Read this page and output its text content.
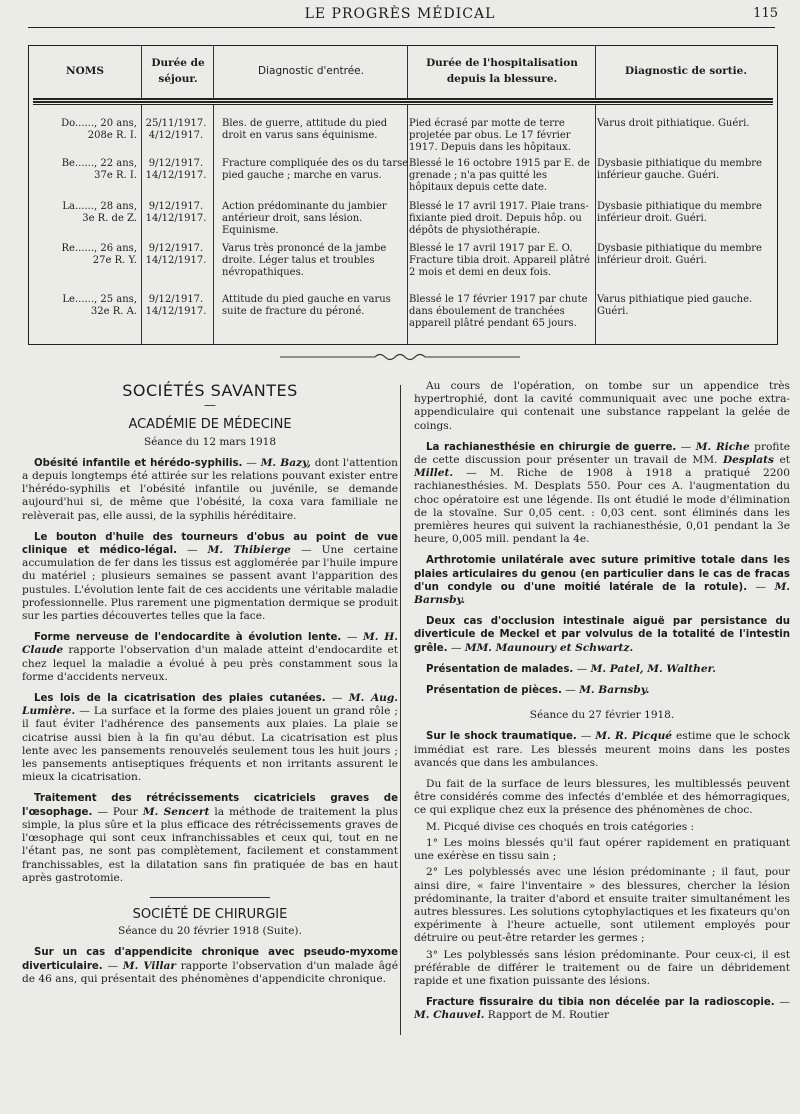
LE PROGRÈS MÉDICAL	115
NOMS
Durée de séjour.
Diagnostic d'entrée.
Durée de l'hospitalisation depuis la blessure.
Diagnostic de sortie.
Do......, 20 ans,
208e R. I.
25/11/1917.
4/12/1917.
Bles. de guerre, attitude du pied droit en varus sans équinisme.
Pied écrasé par motte de terre projetée par obus. Le 17 février 1917. Depuis dans les hôpitaux.
Varus droit pithiatique. Guéri.
Be......, 22 ans,
37e R. I.
9/12/1917.
14/12/1917.
Fracture compliquée des os du tarse pied gauche ; marche en varus.
Blessé le 16 octobre 1915 par E. de grenade ; n'a pas quitté les hôpitaux depuis cette date.
Dysbasie pithiatique du membre inférieur gauche. Guéri.
La......, 28 ans,
3e R. de Z.
9/12/1917.
14/12/1917.
Action prédominante du jambier antérieur droit, sans lésion. Equinisme.
Blessé le 17 avril 1917. Plaie trans-fixiante pied droit. Depuis hôp. ou dépôts de physiothérapie.
Dysbasie pithiatique du membre inférieur droit. Guéri.
Re......, 26 ans,
27e R. Y.
9/12/1917.
14/12/1917.
Varus très prononcé de la jambe droite. Léger talus et troubles névropathiques.
Blessé le 17 avril 1917 par E. O. Fracture tibia droit. Appareil plâtré 2 mois et demi en deux fois.
Dysbasie pithiatique du membre inférieur droit. Guéri.
Le......, 25 ans,
32e R. A.
9/12/1917.
14/12/1917.
Attitude du pied gauche en varus suite de fracture du péroné.
Blessé le 17 février 1917 par chute dans éboulement de tranchées appareil plâtré pendant 65 jours.
Varus pithiatique pied gauche. Guéri.
SOCIÉTÉS SAVANTES
—
ACADÉMIE DE MÉDECINE
Séance du 12 mars 1918

Obésité infantile et hérédo-syphilis. — M. Bazy, dont l'attention a depuis longtemps été attirée sur les relations pouvant exister entre l'hérédo-syphilis et l'obésité infantile ou juvénile, se demande aujourd'hui si, de même que l'obésité, la coxa vara familiale ne relèverait pas, elle aussi, de la syphilis héréditaire.

Le bouton d'huile des tourneurs d'obus au point de vue clinique et médico-légal. — M. Thibierge — Une certaine accumulation de fer dans les tissus est agglomérée par l'huile impure du matériel ; plusieurs semaines se passent avant l'apparition des pustules. L'évolution lente fait de ces accidents une véritable maladie professionnelle. Plus rarement une pigmentation dermique se produit sur les parties découvertes telles que la face.

Forme nerveuse de l'endocardite à évolution lente. — M. H. Claude rapporte l'observation d'un malade atteint d'endocardite et chez lequel la maladie a évolué à peu près constamment sous la forme d'accidents nerveux.

Les lois de la cicatrisation des plaies cutanées. — M. Aug. Lumière. — La surface et la forme des plaies jouent un grand rôle ; il faut éviter l'adhérence des pansements aux plaies. La plaie se cicatrise aussi bien à la fin qu'au début. La cicatrisation est plus lente avec les pansements renouvelés seulement tous les huit jours ; les pansements antiseptiques fréquents et non irritants assurent le mieux la cicatrisation.

Traitement des rétrécissements cicatriciels graves de l'œsophage. — Pour M. Sencert la méthode de traitement la plus simple, la plus sûre et la plus efficace des rétrécissements graves de l'œsophage qui sont ceux infranchissables et ceux qui, tout en ne l'étant pas, ne sont pas complètement, facilement et constamment franchissables, est la dilatation sans fin pratiquée de bas en haut après gastrotomie.

SOCIÉTÉ DE CHIRURGIE
Séance du 20 février 1918 (Suite).

Sur un cas d'appendicite chronique avec pseudo-myxome diverticulaire. — M. Villar rapporte l'observation d'un malade âgé de 46 ans, qui présentait des phénomènes d'appendicite chronique.

Au cours de l'opération, on tombe sur un appendice très hypertrophié, dont la cavité communiquait avec une poche extra-appendiculaire qui contenait une substance rappelant la gelée de coings.

La rachianesthésie en chirurgie de guerre. — M. Riche profite de cette discussion pour présenter un travail de MM. Desplats et Millet. — M. Riche de 1908 à 1918 a pratiqué 2200 rachianesthésies. M. Desplats 550. Pour ces A. l'augmentation du choc opératoire est une légende. Ils ont étudié le mode d'élimination de la stovaïne. Sur 0,05 cent. : 0,03 cent. sont éliminés dans les premières heures qui suivent la rachianesthésie, 0,01 pendant la 3e heure, 0,005 mill. pendant la 4e.

Arthrotomie unilatérale avec suture primitive totale dans les plaies articulaires du genou (en particulier dans le cas de fracas d'un condyle ou d'une moitié latérale de la rotule). — M. Barnsby.

Deux cas d'occlusion intestinale aiguë par persistance du diverticule de Meckel et par volvulus de la totalité de l'intestin grêle. — MM. Maunoury et Schwartz.

Présentation de malades. — M. Patel, M. Walther.

Présentation de pièces. — M. Barnsby.

Séance du 27 février 1918.

Sur le shock traumatique. — M. R. Picqué estime que le schock immédiat est rare. Les blessés meurent moins dans les postes avancés que dans les ambulances.

Du fait de la surface de leurs blessures, les multiblessés peuvent être considérés comme des infectés d'emblée et des hémorragiques, ce qui explique chez eux la présence des phénomènes de choc.

M. Picqué divise ces choqués en trois catégories :

1° Les moins blessés qu'il faut opérer rapidement en pratiquant une exérèse en tissu sain ;

2° Les polyblessés avec une lésion prédominante ; il faut, pour ainsi dire, « faire l'inventaire » des blessures, chercher la lésion prédominante, la traiter d'abord et ensuite traiter simultanément les autres blessures. Les solutions cytophylactiques et les fixateurs qu'on expérimente à l'heure actuelle, sont utilement employés pour détruire ou peut-être retarder les germes ;

3° Les polyblessés sans lésion prédominante. Pour ceux-ci, il est préférable de différer le traitement ou de faire un débridement rapide et une fixation puissante des lésions.

Fracture fissuraire du tibia non décelée par la radioscopie. — M. Chauvel. Rapport de M. Routier
